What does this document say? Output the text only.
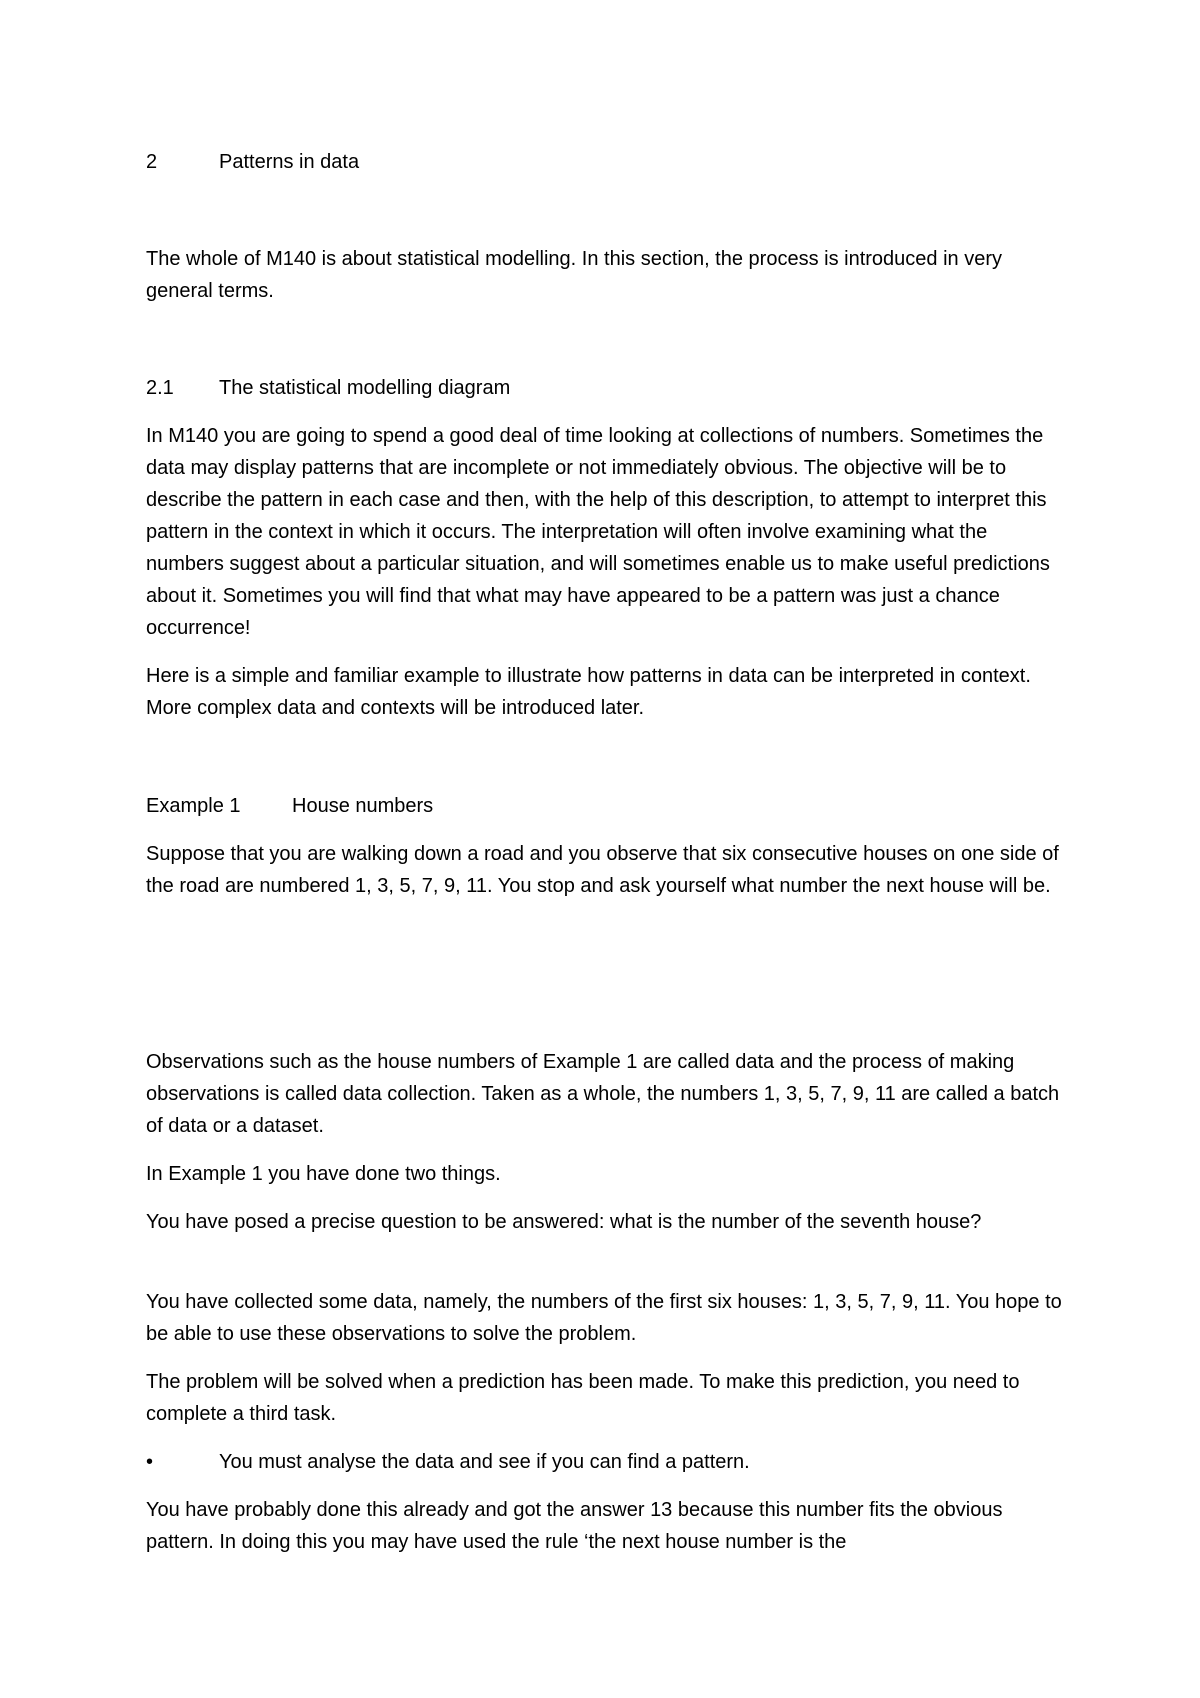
2	Patterns in data

The whole of M140 is about statistical modelling. In this section, the process is introduced in very general terms.

2.1 The statistical modelling diagram

In M140 you are going to spend a good deal of time looking at collections of numbers. Sometimes the data may display patterns that are incomplete or not immediately obvious. The objective will be to describe the pattern in each case and then, with the help of this description, to attempt to interpret this pattern in the context in which it occurs. The interpretation will often involve examining what the numbers suggest about a particular situation, and will sometimes enable us to make useful predictions about it. Sometimes you will find that what may have appeared to be a pattern was just a chance occurrence!

Here is a simple and familiar example to illustrate how patterns in data can be interpreted in context. More complex data and contexts will be introduced later.

Example 1	House numbers

Suppose that you are walking down a road and you observe that six consecutive houses on one side of the road are numbered 1, 3, 5, 7, 9, 11. You stop and ask yourself what number the next house will be.

Observations such as the house numbers of Example 1 are called data and the process of making observations is called data collection. Taken as a whole, the numbers 1, 3, 5, 7, 9, 11 are called a batch of data or a dataset.

In Example 1 you have done two things.

You have posed a precise question to be answered: what is the number of the seventh house?

You have collected some data, namely, the numbers of the first six houses: 1, 3, 5, 7, 9, 11. You hope to be able to use these observations to solve the problem.

The problem will be solved when a prediction has been made. To make this prediction, you need to complete a third task.

•	You must analyse the data and see if you can find a pattern.

You have probably done this already and got the answer 13 because this number fits the obvious pattern. In doing this you may have used the rule ‘the next house number is the
